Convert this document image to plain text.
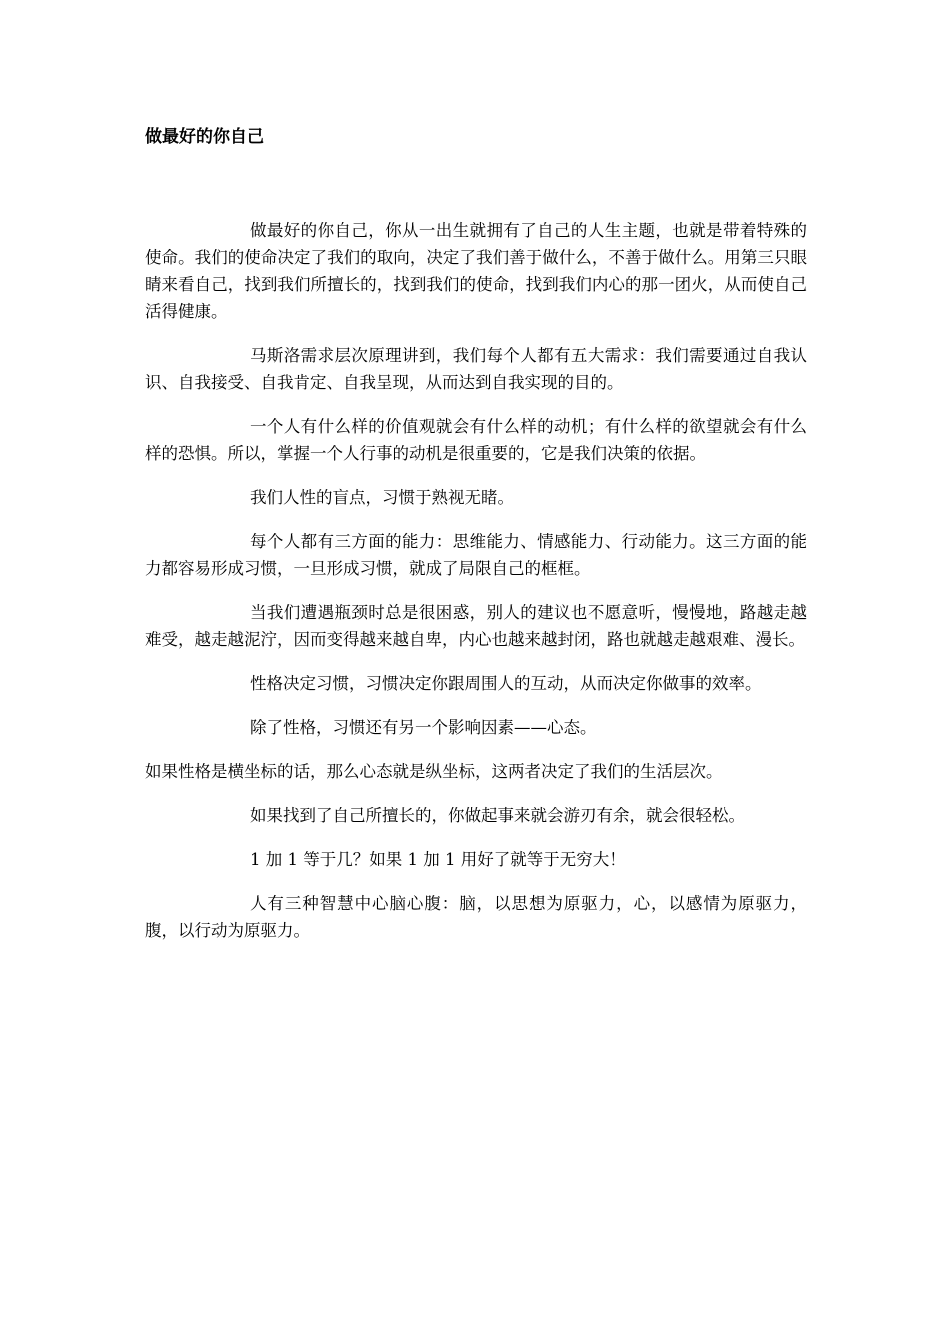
做最好的你自己

做最好的你自己，你从一出生就拥有了自己的人生主题，也就是带着特殊的使命。我们的使命决定了我们的取向，决定了我们善于做什么，不善于做什么。用第三只眼睛来看自己，找到我们所擅长的，找到我们的使命，找到我们内心的那一团火，从而使自己活得健康。

马斯洛需求层次原理讲到，我们每个人都有五大需求：我们需要通过自我认识、自我接受、自我肯定、自我呈现，从而达到自我实现的目的。

一个人有什么样的价值观就会有什么样的动机；有什么样的欲望就会有什么样的恐惧。所以，掌握一个人行事的动机是很重要的，它是我们决策的依据。

我们人性的盲点，习惯于熟视无睹。

每个人都有三方面的能力：思维能力、情感能力、行动能力。这三方面的能力都容易形成习惯，一旦形成习惯，就成了局限自己的框框。

当我们遭遇瓶颈时总是很困惑，别人的建议也不愿意听，慢慢地，路越走越难受，越走越泥泞，因而变得越来越自卑，内心也越来越封闭，路也就越走越艰难、漫长。

性格决定习惯，习惯决定你跟周围人的互动，从而决定你做事的效率。

除了性格，习惯还有另一个影响因素——心态。

如果性格是横坐标的话，那么心态就是纵坐标，这两者决定了我们的生活层次。

如果找到了自己所擅长的，你做起事来就会游刃有余，就会很轻松。

1 加 1 等于几？如果 1 加 1 用好了就等于无穷大！

人有三种智慧中心脑心腹：脑，以思想为原驱力，心，以感情为原驱力，腹，以行动为原驱力。
